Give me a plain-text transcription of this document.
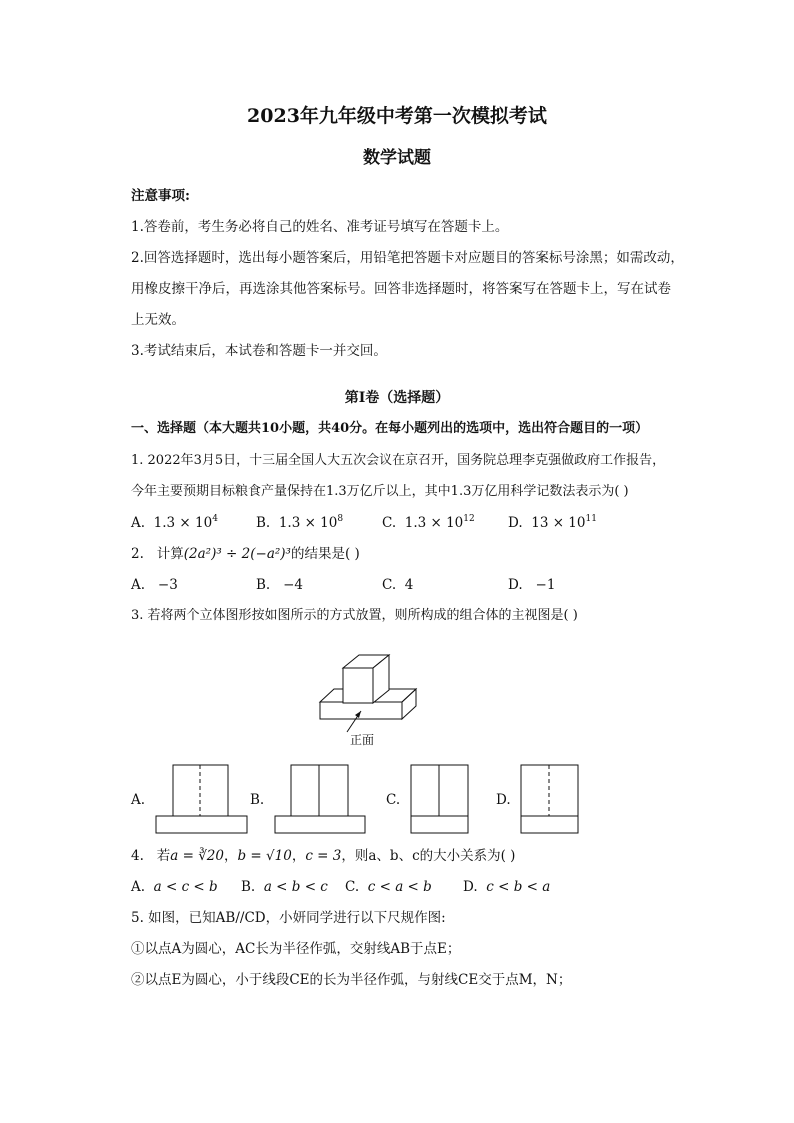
2023年九年级中考第一次模拟考试
数学试题
注意事项:
1.答卷前，考生务必将自己的姓名、准考证号填写在答题卡上。
2.回答选择题时，选出每小题答案后，用铅笔把答题卡对应题目的答案标号涂黑；如需改动，
用橡皮擦干净后，再选涂其他答案标号。回答非选择题时，将答案写在答题卡上，写在试卷
上无效。
3.考试结束后，本试卷和答题卡一并交回。
第I卷（选择题）
一、选择题（本大题共10小题，共40分。在每小题列出的选项中，选出符合题目的一项）
1. 2022年3月5日，十三届全国人大五次会议在京召开，国务院总理李克强做政府工作报告，
今年主要预期目标粮食产量保持在1.3万亿斤以上，其中1.3万亿用科学记数法表示为( )
A. $1.3 \times 10^4$	B. $1.3 \times 10^8$	C. $1.3 \times 10^{12}$ D. $13 \times 10^{11}$
2. 计算(2a²)³ ÷ 2(−a²)³的结果是( )
A. −3	B. −4	C. 4	D. −1
3. 若将两个立体图形按如图所示的方式放置，则所构成的组合体的主视图是( )
正面
A.	B.	C.	D.
4. 若a = ∛20，b = √10，c = 3，则a、b、c的大小关系为( )
A. a < c < b B. a < b < c C. c < a < b D. c < b < a
5. 如图，已知AB//CD，小妍同学进行以下尺规作图:
①以点A为圆心，AC长为半径作弧，交射线AB于点E；
②以点E为圆心，小于线段CE的长为半径作弧，与射线CE交于点M，N；
